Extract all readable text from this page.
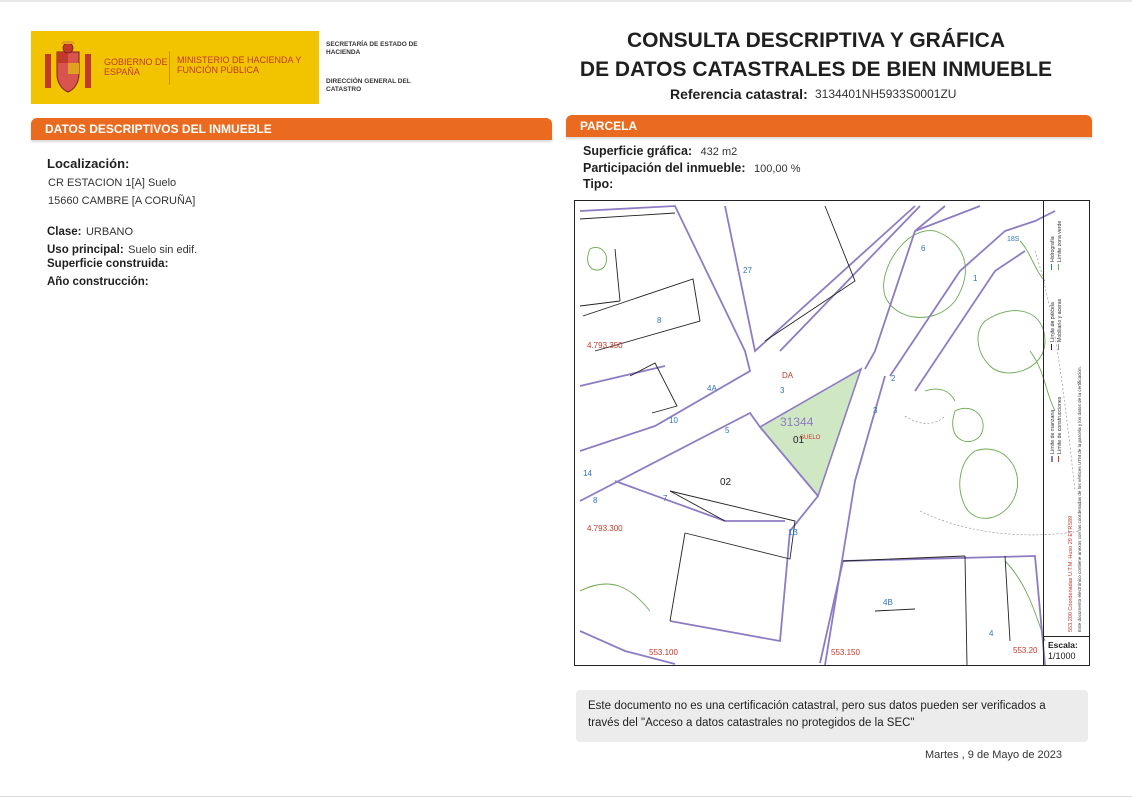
GOBIERNO DE ESPAÑA
MINISTERIO DE HACIENDA Y FUNCIÓN PÚBLICA
SECRETARÍA DE ESTADO DE HACIENDA
DIRECCIÓN GENERAL DEL CATASTRO
CONSULTA DESCRIPTIVA Y GRÁFICA
DE DATOS CATASTRALES DE BIEN INMUEBLE
Referencia catastral: 3134401NH5933S0001ZU
DATOS DESCRIPTIVOS DEL INMUEBLE
Localización:
CR ESTACION 1[A] Suelo
15660 CAMBRE [A CORUÑA]
Clase: URBANO
Uso principal: Suelo sin edif.
Superficie construida:
Año construcción:
PARCELA
Superficie gráfica: 432 m2
Participación del inmueble: 100,00 %
Tipo:
31344
01
SUELO
02
8
4B
4
10
14
4A	3
5
7
1B
2
3
1
6
27
8
DA
18S
4.793.350
4.793.300
553.100	553.150	553.20
Límite de manzana Límite de construcciones
Límite de parcela Mobiliario y aceras
Hidrografía Límite zona verde
553.200 Coordenadas U.T.M. Huso 29 ETRS89 Este documento electrónico contiene anexos con las coordenadas de los vértices UTM de la parcela y los datos de la certificación.
Escala:
1/1000
Este documento no es una certificación catastral, pero sus datos pueden ser verificados a través del "Acceso a datos catastrales no protegidos de la SEC"
Martes , 9 de Mayo de 2023
